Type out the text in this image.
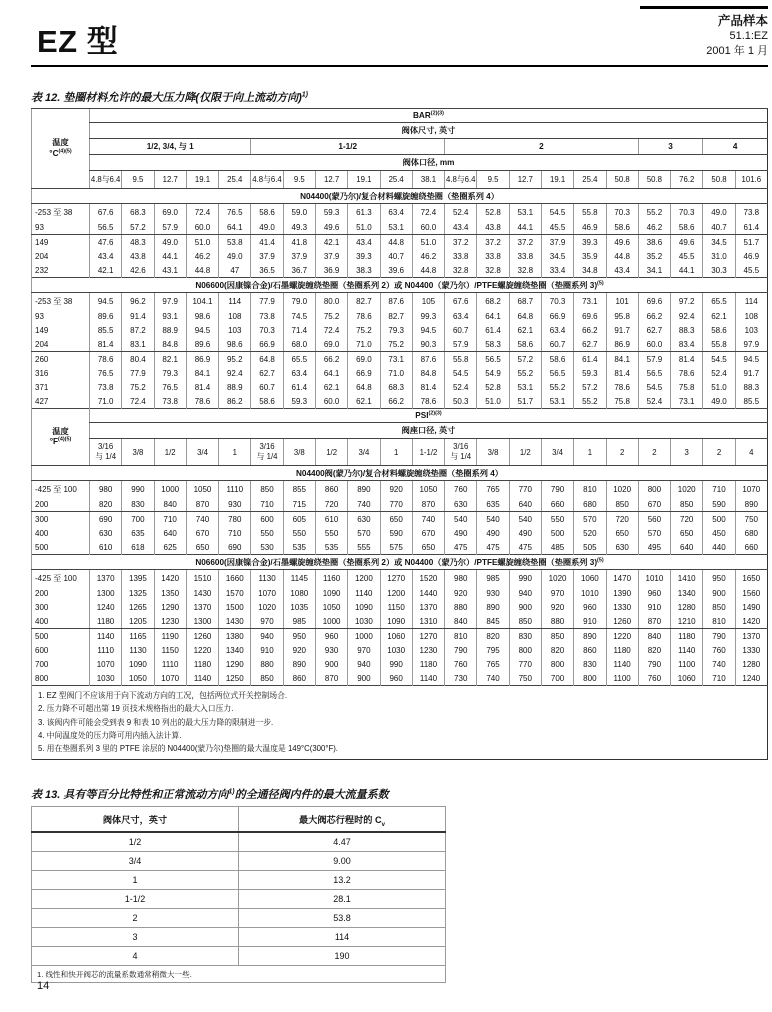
EZ 型
产品样本
51.1:EZ
2001 年 1 月
表 12. 垫圈材料允许的最大压力降(仅限于向上流动方向)$^{1)}$
温度
$^\circ C^{(4)(5)}$	$BAR^{(2)(3)}$
	阀体尺寸, 英寸																				
	1/2, 3/4, 与 1					1-1/2						2						3		4	
	阀体口径, mm																				
	4.8与6.4	9.5	12.7	19.1	25.4	4.8与6.4	9.5	12.7	19.1	25.4	38.1	4.8与6.4	9.5	12.7	19.1	25.4	50.8	50.8	76.2	50.8	101.6
N04400(蒙乃尔)/复合材料螺旋缠绕垫圈（垫圈系列 4）																					
-253 至 38	67.6	68.3	69.0	72.4	76.5	58.6	59.0	59.3	61.3	63.4	72.4	52.4	52.8	53.1	54.5	55.8	70.3	55.2	70.3	49.0	73.8
93	56.5	57.2	57.9	60.0	64.1	49.0	49.3	49.6	51.0	53.1	60.0	43.4	43.8	44.1	45.5	46.9	58.6	46.2	58.6	40.7	61.4
149	47.6	48.3	49.0	51.0	53.8	41.4	41.8	42.1	43.4	44.8	51.0	37.2	37.2	37.2	37.9	39.3	49.6	38.6	49.6	34.5	51.7
204	43.4	43.8	44.1	46.2	49.0	37.9	37.9	37.9	39.3	40.7	46.2	33.8	33.8	33.8	34.5	35.9	44.8	35.2	45.5	31.0	46.9
232	42.1	42.6	43.1	44.8	47	36.5	36.7	36.9	38.3	39.6	44.8	32.8	32.8	32.8	33.4	34.8	43.4	34.1	44.1	30.3	45.5
N06600(因康镍合金)/石墨螺旋缠绕垫圈（垫圈系列 2）或 N04400（蒙乃尔）/PTFE螺旋缠绕垫圈（垫圈系列 3)$^{(5)}$
-253 至 38	94.5	96.2	97.9	104.1	114	77.9	79.0	80.0	82.7	87.6	105	67.6	68.2	68.7	70.3	73.1	101	69.6	97.2	65.5	114
93	89.6	91.4	93.1	98.6	108	73.8	74.5	75.2	78.6	82.7	99.3	63.4	64.1	64.8	66.9	69.6	95.8	66.2	92.4	62.1	108
149	85.5	87.2	88.9	94.5	103	70.3	71.4	72.4	75.2	79.3	94.5	60.7	61.4	62.1	63.4	66.2	91.7	62.7	88.3	58.6	103
204	81.4	83.1	84.8	89.6	98.6	66.9	68.0	69.0	71.0	75.2	90.3	57.9	58.3	58.6	60.7	62.7	86.9	60.0	83.4	55.8	97.9
260	78.6	80.4	82.1	86.9	95.2	64.8	65.5	66.2	69.0	73.1	87.6	55.8	56.5	57.2	58.6	61.4	84.1	57.9	81.4	54.5	94.5
316	76.5	77.9	79.3	84.1	92.4	62.7	63.4	64.1	66.9	71.0	84.8	54.5	54.9	55.2	56.5	59.3	81.4	56.5	78.6	52.4	91.7
371	73.8	75.2	76.5	81.4	88.9	60.7	61.4	62.1	64.8	68.3	81.4	52.4	52.8	53.1	55.2	57.2	78.6	54.5	75.8	51.0	88.3
427	71.0	72.4	73.8	78.6	86.2	58.6	59.3	60.0	62.1	66.2	78.6	50.3	51.0	51.7	53.1	55.2	75.8	52.4	73.1	49.0	85.5
温度
$^\circ F^{(4)(5)}$	$PSI^{(2)(3)}$
	阀座口径, 英寸																				
	3/16
与 1/4	3/8	1/2	3/4	1	3/16
与 1/4	3/8	1/2	3/4	1	1-1/2	3/16
与 1/4	3/8	1/2	3/4	1	2	2	3	2	4
N04400阀(蒙乃尔)/复合材料螺旋缠绕垫圈（垫圈系列 4）																					
-425 至 100	980	990	1000	1050	1110	850	855	860	890	920	1050	760	765	770	790	810	1020	800	1020	710	1070
200	820	830	840	870	930	710	715	720	740	770	870	630	635	640	660	680	850	670	850	590	890
300	690	700	710	740	780	600	605	610	630	650	740	540	540	540	550	570	720	560	720	500	750
400	630	635	640	670	710	550	550	550	570	590	670	490	490	490	500	520	650	570	650	450	680
500	610	618	625	650	690	530	535	535	555	575	650	475	475	475	485	505	630	495	640	440	660
N06600(因康镍合金)/石墨螺旋缠绕垫圈（垫圈系列 2）或 N04400（蒙乃尔）/PTFE螺旋缠绕垫圈（垫圈系列 3)$^{(5)}$
-425 至 100	1370	1395	1420	1510	1660	1130	1145	1160	1200	1270	1520	980	985	990	1020	1060	1470	1010	1410	950	1650
200	1300	1325	1350	1430	1570	1070	1080	1090	1140	1200	1440	920	930	940	970	1010	1390	960	1340	900	1560
300	1240	1265	1290	1370	1500	1020	1035	1050	1090	1150	1370	880	890	900	920	960	1330	910	1280	850	1490
400	1180	1205	1230	1300	1430	970	985	1000	1030	1090	1310	840	845	850	880	910	1260	870	1210	810	1420
500	1140	1165	1190	1260	1380	940	950	960	1000	1060	1270	810	820	830	850	890	1220	840	1180	790	1370
600	1110	1130	1150	1220	1340	910	920	930	970	1030	1230	790	795	800	820	860	1180	820	1140	760	1330
700	1070	1090	1110	1180	1290	880	890	900	940	990	1180	760	765	770	800	830	1140	790	1100	740	1280
800	1030	1050	1070	1140	1250	850	860	870	900	960	1140	730	740	750	700	800	1100	760	1060	710	1240

1. EZ 型阀门不应该用于向下流动方向的工况，包括两位式开关控制场合.
2. 压力降不可超出第 19 页技术规格指出的最大入口压力.
3. 该阀内件可能会受到表 9 和表 10 列出的最大压力降的限制进一步.
4. 中间温度处的压力降可用内插入法计算.
5. 用在垫圈系列 3 里的 PTFE 涂层的 N04400(蒙乃尔)垫圈的最大温度是 149°C(300°F).																					
表 13. 具有等百分比特性和正常流动方向$^{1)}$的全通径阀内件的最大流量系数
阀体尺寸，英寸	最大阀芯行程时的 $C_v$
1/2	4.47
3/4	9.00
1	13.2
1-1/2	28.1
2	53.8
3	114
4	190
1. 线性和快开阀芯的流量系数通常稍微大一些.	
14
